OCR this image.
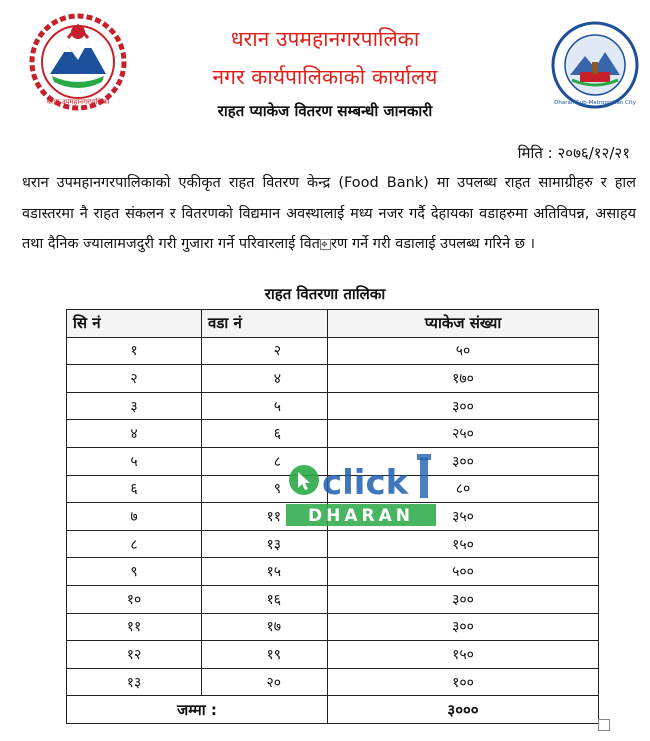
धरान उपमहानगरपालिका
धरान उपमहानगरपालिका
नगर कार्यपालिकाको कार्यालय
Dharan Sub-Metropolitan City
राहत प्याकेज वितरण सम्बन्धी जानकारी
मिति : २०७६/१२/२१
धरान उपमहानगरपालिकाको एकीकृत राहत वितरण केन्द्र (Food Bank) मा उपलब्ध राहत सामाग्रीहरु र हाल वडास्तरमा नै राहत संकलन र वितरणको विद्यमान अवस्थालाई मध्य नजर गर्दै देहायका वडाहरुमा अतिविपन्न, असाहय तथा दैनिक ज्यालामजदुरी गरी गुजारा गर्ने परिवारलाई वित✥ रण गर्ने गरी वडालाई उपलब्ध गरिने छ ।
राहत वितरणा तालिका
सि नं	वडा नं	प्याकेज संख्या
१	२	५०
२	४	१७०
३	५	३००
४	६	२५०
५	८	३००
६	९	८०
७	११	३५०
८	१३	१५०
९	१५	५००
१०	१६	३००
११	१७	३००
१२	१९	१५०
१३	२०	१००
जम्मा :		३०००
click
DHARAN
